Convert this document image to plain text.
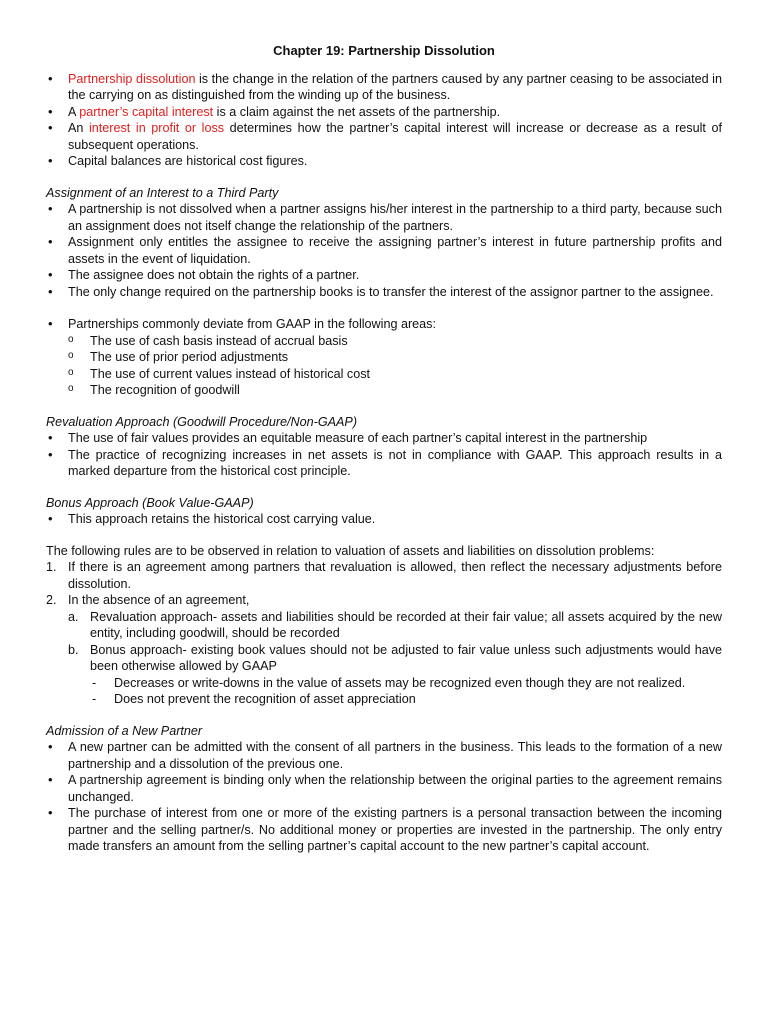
Chapter 19: Partnership Dissolution
• Partnership dissolution is the change in the relation of the partners caused by any partner ceasing to be associated in the carrying on as distinguished from the winding up of the business.
• A partner’s capital interest is a claim against the net assets of the partnership.
• An interest in profit or loss determines how the partner’s capital interest will increase or decrease as a result of subsequent operations.
• Capital balances are historical cost figures.
Assignment of an Interest to a Third Party
• A partnership is not dissolved when a partner assigns his/her interest in the partnership to a third party, because such an assignment does not itself change the relationship of the partners.
• Assignment only entitles the assignee to receive the assigning partner’s interest in future partnership profits and assets in the event of liquidation.
• The assignee does not obtain the rights of a partner.
• The only change required on the partnership books is to transfer the interest of the assignor partner to the assignee.
• Partnerships commonly deviate from GAAP in the following areas:
o The use of cash basis instead of accrual basis
o The use of prior period adjustments
o The use of current values instead of historical cost
o The recognition of goodwill
Revaluation Approach (Goodwill Procedure/Non-GAAP)
• The use of fair values provides an equitable measure of each partner’s capital interest in the partnership
• The practice of recognizing increases in net assets is not in compliance with GAAP. This approach results in a marked departure from the historical cost principle.
Bonus Approach (Book Value-GAAP)
• This approach retains the historical cost carrying value.

The following rules are to be observed in relation to valuation of assets and liabilities on dissolution problems:

1. If there is an agreement among partners that revaluation is allowed, then reflect the necessary adjustments before dissolution.
2. In the absence of an agreement,
a. Revaluation approach- assets and liabilities should be recorded at their fair value; all assets acquired by the new entity, including goodwill, should be recorded
b. Bonus approach- existing book values should not be adjusted to fair value unless such adjustments would have been otherwise allowed by GAAP
- Decreases or write-downs in the value of assets may be recognized even though they are not realized.
- Does not prevent the recognition of asset appreciation
Admission of a New Partner
• A new partner can be admitted with the consent of all partners in the business. This leads to the formation of a new partnership and a dissolution of the previous one.
• A partnership agreement is binding only when the relationship between the original parties to the agreement remains unchanged.
• The purchase of interest from one or more of the existing partners is a personal transaction between the incoming partner and the selling partner/s. No additional money or properties are invested in the partnership. The only entry made transfers an amount from the selling partner’s capital account to the new partner’s capital account.
